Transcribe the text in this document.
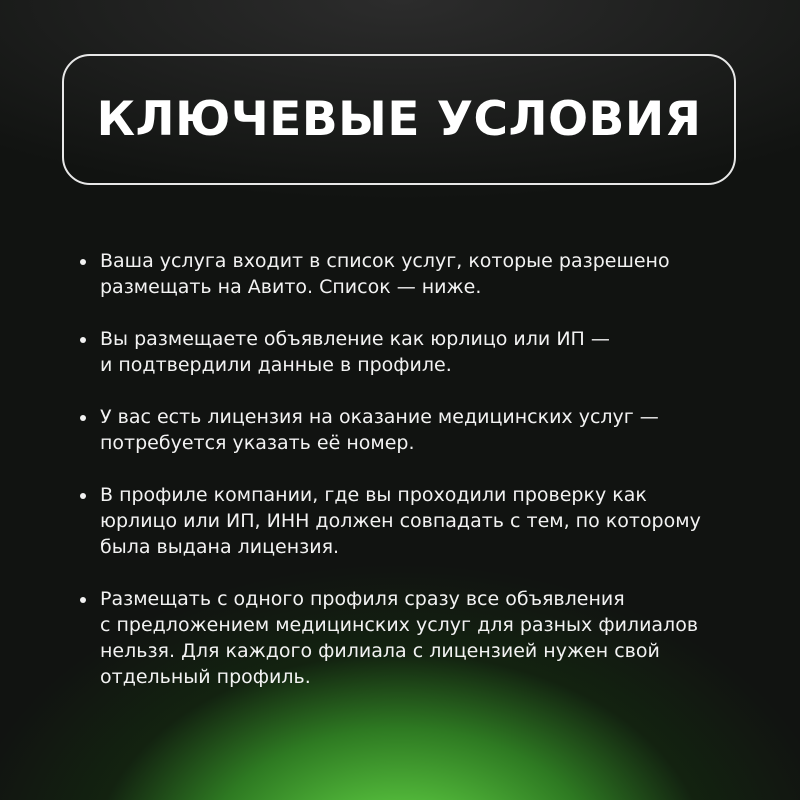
КЛЮЧЕВЫЕ УСЛОВИЯ
Ваша услуга входит в список услуг, которые разрешено
размещать на Авито. Список — ниже.
Вы размещаете объявление как юрлицо или ИП —
и подтвердили данные в профиле.
У вас есть лицензия на оказание медицинских услуг —
потребуется указать её номер.
В профиле компании, где вы проходили проверку как
юрлицо или ИП, ИНН должен совпадать с тем, по которому
была выдана лицензия.
Размещать с одного профиля сразу все объявления
с предложением медицинских услуг для разных филиалов
нельзя. Для каждого филиала с лицензией нужен свой
отдельный профиль.
